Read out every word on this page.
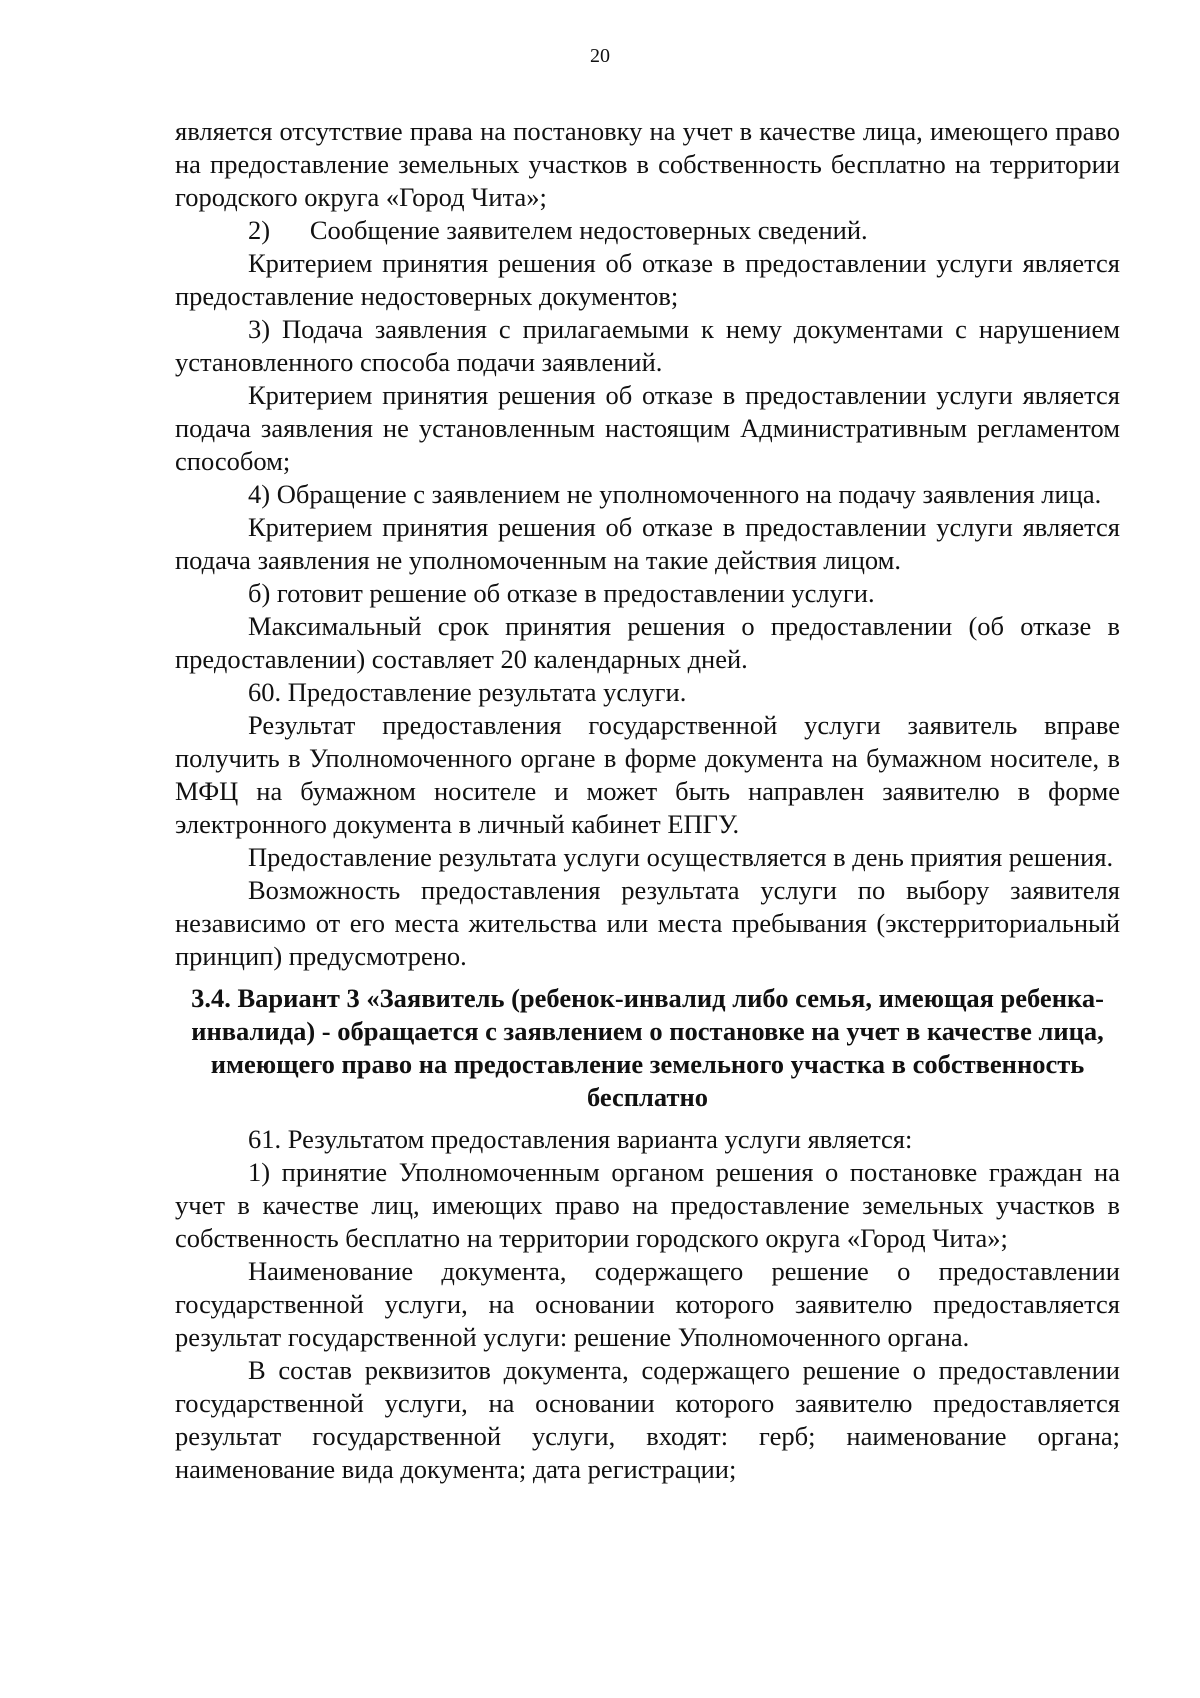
20

является отсутствие права на постановку на учет в качестве лица, имеющего право на предоставление земельных участков в собственность бесплатно на территории городского округа «Город Чита»;

2)      Сообщение заявителем недостоверных сведений.

Критерием принятия решения об отказе в предоставлении услуги является предоставление недостоверных документов;

3) Подача заявления с прилагаемыми к нему документами с нарушением установленного способа подачи заявлений.

Критерием принятия решения об отказе в предоставлении услуги является подача заявления не установленным настоящим Административным регламентом способом;

4) Обращение с заявлением не уполномоченного на подачу заявления лица.

Критерием принятия решения об отказе в предоставлении услуги является подача заявления не уполномоченным на такие действия лицом.

б) готовит решение об отказе в предоставлении услуги.

Максимальный срок принятия решения о предоставлении (об отказе в предоставлении) составляет 20 календарных дней.

60. Предоставление результата услуги.

Результат предоставления государственной услуги заявитель вправе получить в Уполномоченного органе в форме документа на бумажном носителе, в МФЦ на бумажном носителе и может быть направлен заявителю в форме электронного документа в личный кабинет ЕПГУ.

Предоставление результата услуги осуществляется в день приятия решения.

Возможность предоставления результата услуги по выбору заявителя независимо от его места жительства или места пребывания (экстерриториальный принцип) предусмотрено.

3.4. Вариант 3 «Заявитель (ребенок-инвалид либо семья, имеющая ребенка-инвалида) - обращается с заявлением о постановке на учет в качестве лица, имеющего право на предоставление земельного участка в собственность бесплатно

61. Результатом предоставления варианта услуги является:

1) принятие Уполномоченным органом решения о постановке граждан на учет в качестве лиц, имеющих право на предоставление земельных участков в собственность бесплатно на территории городского округа «Город Чита»;

Наименование документа, содержащего решение о предоставлении государственной услуги, на основании которого заявителю предоставляется результат государственной услуги: решение Уполномоченного органа.

В состав реквизитов документа, содержащего решение о предоставлении государственной услуги, на основании которого заявителю предоставляется результат государственной услуги, входят: герб; наименование органа; наименование вида документа; дата регистрации;
